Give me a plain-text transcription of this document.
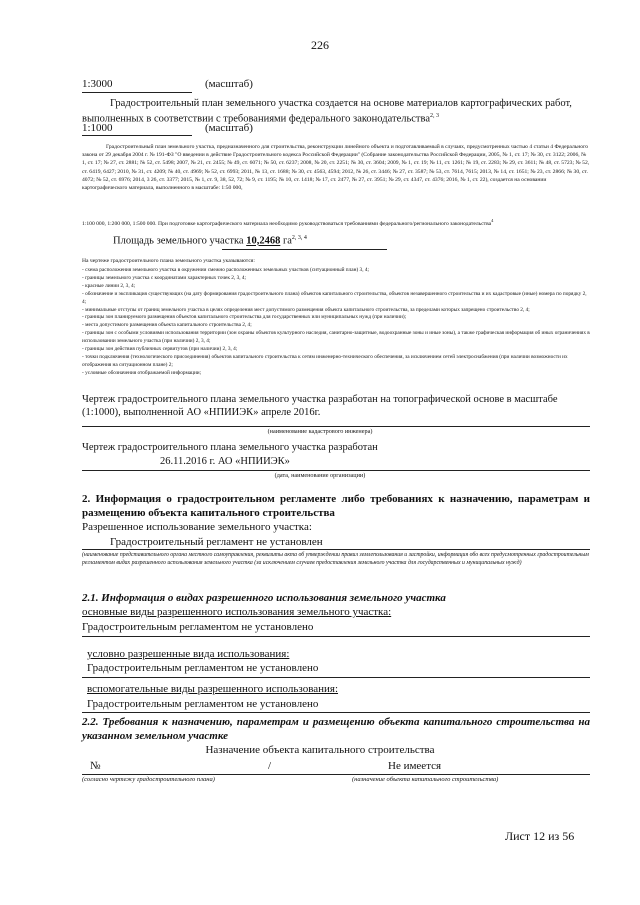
226
1:3000	(масштаб)
Градостроительный план земельного участка создается на основе материалов картографических работ, выполненных в соответствии с требованиями федерального законодательства$^{2, 3}$
1:1000	(масштаб)
Градостроительный план земельного участка, предназначенного для строительства, реконструкции линейного объекта и подготавливаемый в случаях, предусмотренных частью 4 статьи 4 Федерального закона от 29 декабря 2004 г. № 191-ФЗ "О введении в действие Градостроительного кодекса Российской Федерации" (Собрание законодательства Российской Федерации, 2005, № 1, ст. 17; № 30, ст. 3122; 2006, № 1, ст. 17; № 27, ст. 2881; № 52, ст. 5498; 2007, № 21, ст. 2455; № 49, ст. 6071; № 50, ст. 6237; 2008, № 20, ст. 2251; № 30, ст. 3604; 2009, № 1, ст. 19; № 11, ст. 1261; № 19, ст. 2283; № 29, ст. 3611; № 48, ст. 5723; № 52, ст. 6419, 6427; 2010, № 31, ст. 4209; № 40, ст. 4969; № 52, ст. 6993; 2011, № 13, ст. 1688; № 30, ст. 4563, 4594; 2012, № 26, ст. 3446; № 27, ст. 3587; № 53, ст. 7614, 7615; 2013, № 14, ст. 1651; № 23, ст. 2866; № 30, ст. 4072; № 52, ст. 6976; 2014, 3 26, ст. 3377; 2015, № 1, ст. 9, 38, 52, 72; № 9, ст. 1195; № 10, ст. 1418; № 17, ст. 2477, № 27, ст. 3951; № 29, ст. 4347, ст. 4376; 2016, № 1, ст. 22), создается на основании картографического материала, выполненного в масштабе: 1:50 000,
1:100 000, 1:200 000, 1:500 000. При подготовке картографического материала необходимо руководствоваться требованиями федерального/регионального законодательства$^4$
Площадь земельного участка 10,2468 га$^{2, 3, 4}$
На чертеже градостроительного плана земельного участка указываются:
- схема расположения земельного участка в окружении смежно расположенных земельных участков (ситуационный план) 3, 4;
- границы земельного участка с координатами характерных точек 2, 3, 4;
- красные линии 2, 3, 4;
- обозначение и экспликация существующих (на дату формирования градостроительного плана) объектов капитального строительства, объектов незавершенного строительства и их кадастровые (иные) номера по порядку 2, 4;
- минимальные отступы от границ земельного участка в целях определения мест допустимого размещения объекта капитального строительства, за пределами которых запрещено строительство 2, 4;
- границы зон планируемого размещения объектов капитального строительства для государственных или муниципальных нужд (при наличии);
- места допустимого размещения объекта капитального строительства 2, 4;
- границы зон с особыми условиями использования территории (зон охраны объектов культурного наследия, санитарно-защитные, водоохранные зоны и иные зоны), а также графическая информация об иных ограничениях в использовании земельного участка (при наличии) 2, 3, 4;
- границы зон действия публичных сервитутов (при наличии) 2, 3, 4;
- точки подключения (технологического присоединения) объектов капитального строительства к сетям инженерно-технического обеспечения, за исключением сетей электроснабжения (при наличии возможности их отображения на ситуационном плане) 2;
- условные обозначения отображаемой информации;
Чертеж градостроительного плана земельного участка разработан на топографической основе в масштабе (1:1000), выполненной АО «НПИИЭК» апреле 2016г.
(наименование кадастрового инженера)
Чертеж градостроительного плана земельного участка разработан
26.11.2016 г. АО «НПИИЭК»
(дата, наименование организации)
2. Информация о градостроительном регламенте либо требованиях к назначению, параметрам и размещению объекта капитального строительства
Разрешенное использование земельного участка:
Градостроительный регламент не установлен
(наименование представительного органа местного самоуправления, реквизиты акта об утверждении правил землепользования и застройки, информация обо всех предусмотренных градостроительным регламентом видах разрешенного использования земельного участка (за исключением случаев предоставления земельного участка для государственных и муниципальных нужд)
2.1. Информация о видах разрешенного использования земельного участка
основные виды разрешенного использования земельного участка:
Градостроительным регламентом не установлено
условно разрешенные вида использования:
Градостроительным регламентом не установлено
вспомогательные виды разрешенного использования:
Градостроительным регламентом не установлено
2.2. Требования к назначению, параметрам и размещению объекта капитального строительства на указанном земельном участке
Назначение объекта капитального строительства
№	/	Не имеется
(согласно чертежу градостроительного плана)	(назначение объекта капитального строительства)
Лист 12 из 56
